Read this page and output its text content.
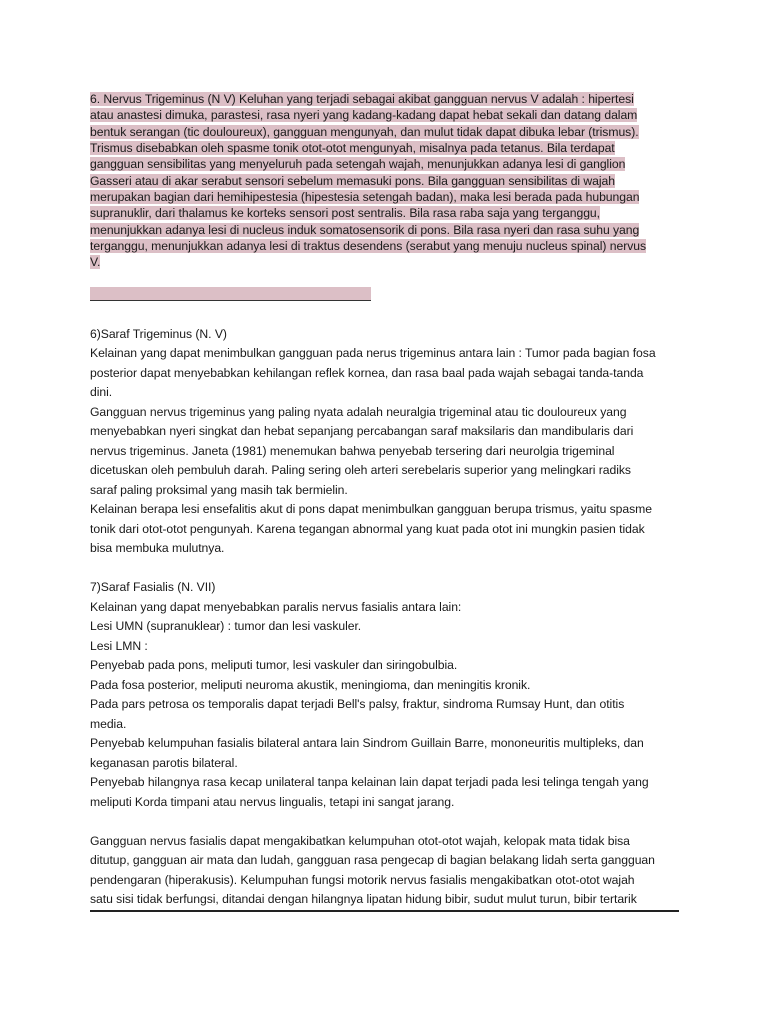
6. Nervus Trigeminus (N V) Keluhan yang terjadi sebagai akibat gangguan nervus V adalah : hipertesi
atau anastesi dimuka, parastesi, rasa nyeri yang kadang-kadang dapat hebat sekali dan datang dalam
bentuk serangan (tic douloureux), gangguan mengunyah, dan mulut tidak dapat dibuka lebar (trismus).
Trismus disebabkan oleh spasme tonik otot-otot mengunyah, misalnya pada tetanus. Bila terdapat
gangguan sensibilitas yang menyeluruh pada setengah wajah, menunjukkan adanya lesi di ganglion
Gasseri atau di akar serabut sensori sebelum memasuki pons. Bila gangguan sensibilitas di wajah
merupakan bagian dari hemihipestesia (hipestesia setengah badan), maka lesi berada pada hubungan
supranuklir, dari thalamus ke korteks sensori post sentralis. Bila rasa raba saja yang terganggu,
menunjukkan adanya lesi di nucleus induk somatosensorik di pons. Bila rasa nyeri dan rasa suhu yang
terganggu, menunjukkan adanya lesi di traktus desendens (serabut yang menuju nucleus spinal) nervus
V.
6)Saraf Trigeminus (N. V)
Kelainan yang dapat menimbulkan gangguan pada nerus trigeminus antara lain : Tumor pada bagian fosa
posterior dapat menyebabkan kehilangan reflek kornea, dan rasa baal pada wajah sebagai tanda-tanda
dini.
Gangguan nervus trigeminus yang paling nyata adalah neuralgia trigeminal atau tic douloureux yang
menyebabkan nyeri singkat dan hebat sepanjang percabangan saraf maksilaris dan mandibularis dari
nervus trigeminus. Janeta (1981) menemukan bahwa penyebab tersering dari neurolgia trigeminal
dicetuskan oleh pembuluh darah. Paling sering oleh arteri serebelaris superior yang melingkari radiks
saraf paling proksimal yang masih tak bermielin.
Kelainan berapa lesi ensefalitis akut di pons dapat menimbulkan gangguan berupa trismus, yaitu spasme
tonik dari otot-otot pengunyah. Karena tegangan abnormal yang kuat pada otot ini mungkin pasien tidak
bisa membuka mulutnya.
7)Saraf Fasialis (N. VII)
Kelainan yang dapat menyebabkan paralis nervus fasialis antara lain:
Lesi UMN (supranuklear) : tumor dan lesi vaskuler.
Lesi LMN :
Penyebab pada pons, meliputi tumor, lesi vaskuler dan siringobulbia.
Pada fosa posterior, meliputi neuroma akustik, meningioma, dan meningitis kronik.
Pada pars petrosa os temporalis dapat terjadi Bell's palsy, fraktur, sindroma Rumsay Hunt, dan otitis
media.
Penyebab kelumpuhan fasialis bilateral antara lain Sindrom Guillain Barre, mononeuritis multipleks, dan
keganasan parotis bilateral.
Penyebab hilangnya rasa kecap unilateral tanpa kelainan lain dapat terjadi pada lesi telinga tengah yang
meliputi Korda timpani atau nervus lingualis, tetapi ini sangat jarang.
Gangguan nervus fasialis dapat mengakibatkan kelumpuhan otot-otot wajah, kelopak mata tidak bisa
ditutup, gangguan air mata dan ludah, gangguan rasa pengecap di bagian belakang lidah serta gangguan
pendengaran (hiperakusis). Kelumpuhan fungsi motorik nervus fasialis mengakibatkan otot-otot wajah
satu sisi tidak berfungsi, ditandai dengan hilangnya lipatan hidung bibir, sudut mulut turun, bibir tertarik
